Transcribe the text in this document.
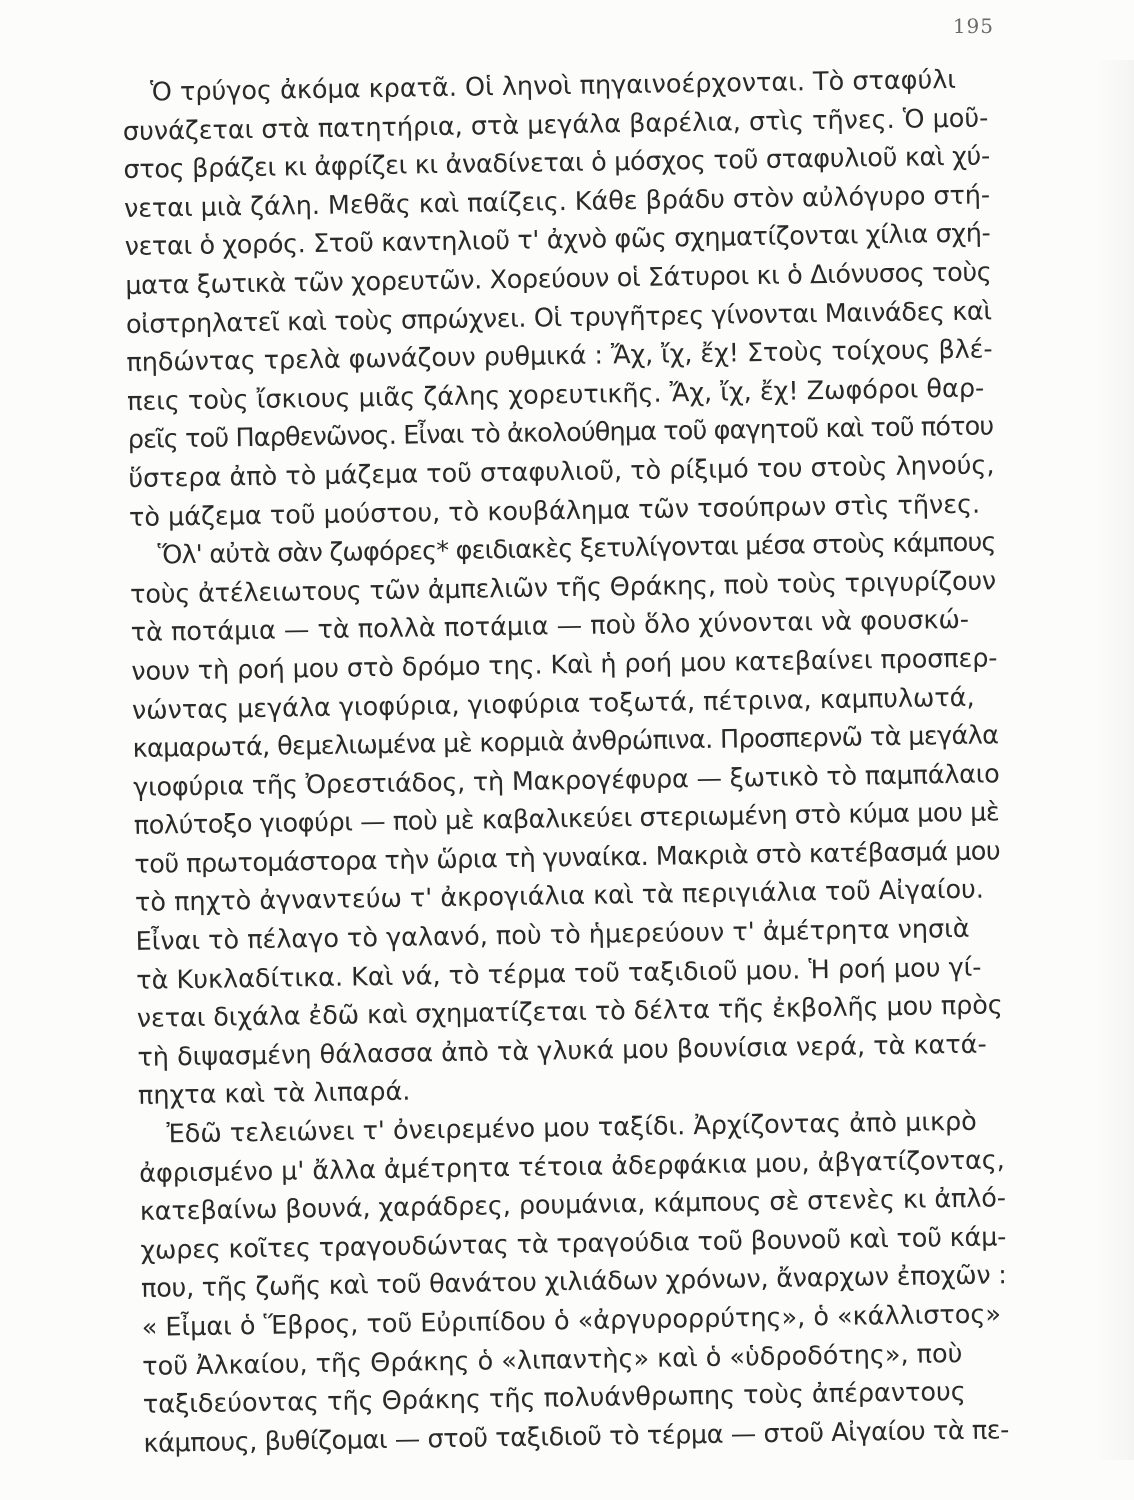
195
Ὁ τρύγος ἀκόμα κρατᾶ. Οἱ ληνοὶ πηγαινοέρχονται. Τὸ σταφύλι
συνάζεται στὰ πατητήρια, στὰ μεγάλα βαρέλια, στὶς τῆνες. Ὁ μοῦ-
στος βράζει κι ἀφρίζει κι ἀναδίνεται ὁ μόσχος τοῦ σταφυλιοῦ καὶ χύ-
νεται μιὰ ζάλη. Μεθᾶς καὶ παίζεις. Κάθε βράδυ στὸν αὐλόγυρο στή-
νεται ὁ χορός. Στοῦ καντηλιοῦ τ' ἀχνὸ φῶς σχηματίζονται χίλια σχή-
ματα ξωτικὰ τῶν χορευτῶν. Χορεύουν οἱ Σάτυροι κι ὁ Διόνυσος τοὺς
οἰστρηλατεῖ καὶ τοὺς σπρώχνει. Οἱ τρυγῆτρες γίνονται Μαινάδες καὶ
πηδώντας τρελὰ φωνάζουν ρυθμικά : Ἄχ, ἴχ, ἔχ! Στοὺς τοίχους βλέ-
πεις τοὺς ἴσκιους μιᾶς ζάλης χορευτικῆς. Ἄχ, ἴχ, ἔχ! Ζωφόροι θαρ-
ρεῖς τοῦ Παρθενῶνος. Εἶναι τὸ ἀκολούθημα τοῦ φαγητοῦ καὶ τοῦ πότου
ὕστερα ἀπὸ τὸ μάζεμα τοῦ σταφυλιοῦ, τὸ ρίξιμό του στοὺς ληνούς,
τὸ μάζεμα τοῦ μούστου, τὸ κουβάλημα τῶν τσούπρων στὶς τῆνες.
Ὅλ' αὐτὰ σὰν ζωφόρες* φειδιακὲς ξετυλίγονται μέσα στοὺς κάμπους
τοὺς ἀτέλειωτους τῶν ἀμπελιῶν τῆς Θράκης, ποὺ τοὺς τριγυρίζουν
τὰ ποτάμια — τὰ πολλὰ ποτάμια — ποὺ ὅλο χύνονται νὰ φουσκώ-
νουν τὴ ροή μου στὸ δρόμο της. Καὶ ἡ ροή μου κατεβαίνει προσπερ-
νώντας μεγάλα γιοφύρια, γιοφύρια τοξωτά, πέτρινα, καμπυλωτά,
καμαρωτά, θεμελιωμένα μὲ κορμιὰ ἀνθρώπινα. Προσπερνῶ τὰ μεγάλα
γιοφύρια τῆς Ὀρεστιάδος, τὴ Μακρογέφυρα — ξωτικὸ τὸ παμπάλαιο
πολύτοξο γιοφύρι — ποὺ μὲ καβαλικεύει στεριωμένη στὸ κύμα μου μὲ
τοῦ πρωτομάστορα τὴν ὥρια τὴ γυναίκα. Μακριὰ στὸ κατέβασμά μου
τὸ πηχτὸ ἀγναντεύω τ' ἀκρογιάλια καὶ τὰ περιγιάλια τοῦ Αἰγαίου.
Εἶναι τὸ πέλαγο τὸ γαλανό, ποὺ τὸ ἡμερεύουν τ' ἀμέτρητα νησιὰ
τὰ Κυκλαδίτικα. Καὶ νά, τὸ τέρμα τοῦ ταξιδιοῦ μου. Ἡ ροή μου γί-
νεται διχάλα ἐδῶ καὶ σχηματίζεται τὸ δέλτα τῆς ἐκβολῆς μου πρὸς
τὴ διψασμένη θάλασσα ἀπὸ τὰ γλυκά μου βουνίσια νερά, τὰ κατά-
πηχτα καὶ τὰ λιπαρά.
Ἐδῶ τελειώνει τ' ὀνειρεμένο μου ταξίδι. Ἀρχίζοντας ἀπὸ μικρὸ
ἀφρισμένο μ' ἄλλα ἀμέτρητα τέτοια ἀδερφάκια μου, ἀβγατίζοντας,
κατεβαίνω βουνά, χαράδρες, ρουμάνια, κάμπους σὲ στενὲς κι ἀπλό-
χωρες κοῖτες τραγουδώντας τὰ τραγούδια τοῦ βουνοῦ καὶ τοῦ κάμ-
που, τῆς ζωῆς καὶ τοῦ θανάτου χιλιάδων χρόνων, ἄναρχων ἐποχῶν :
« Εἶμαι ὁ Ἕβρος, τοῦ Εὐριπίδου ὁ «ἀργυρορρύτης», ὁ «κάλλιστος»
τοῦ Ἀλκαίου, τῆς Θράκης ὁ «λιπαντὴς» καὶ ὁ «ὑδροδότης», ποὺ
ταξιδεύοντας τῆς Θράκης τῆς πολυάνθρωπης τοὺς ἀπέραντους
κάμπους, βυθίζομαι — στοῦ ταξιδιοῦ τὸ τέρμα — στοῦ Αἰγαίου τὰ πε-
